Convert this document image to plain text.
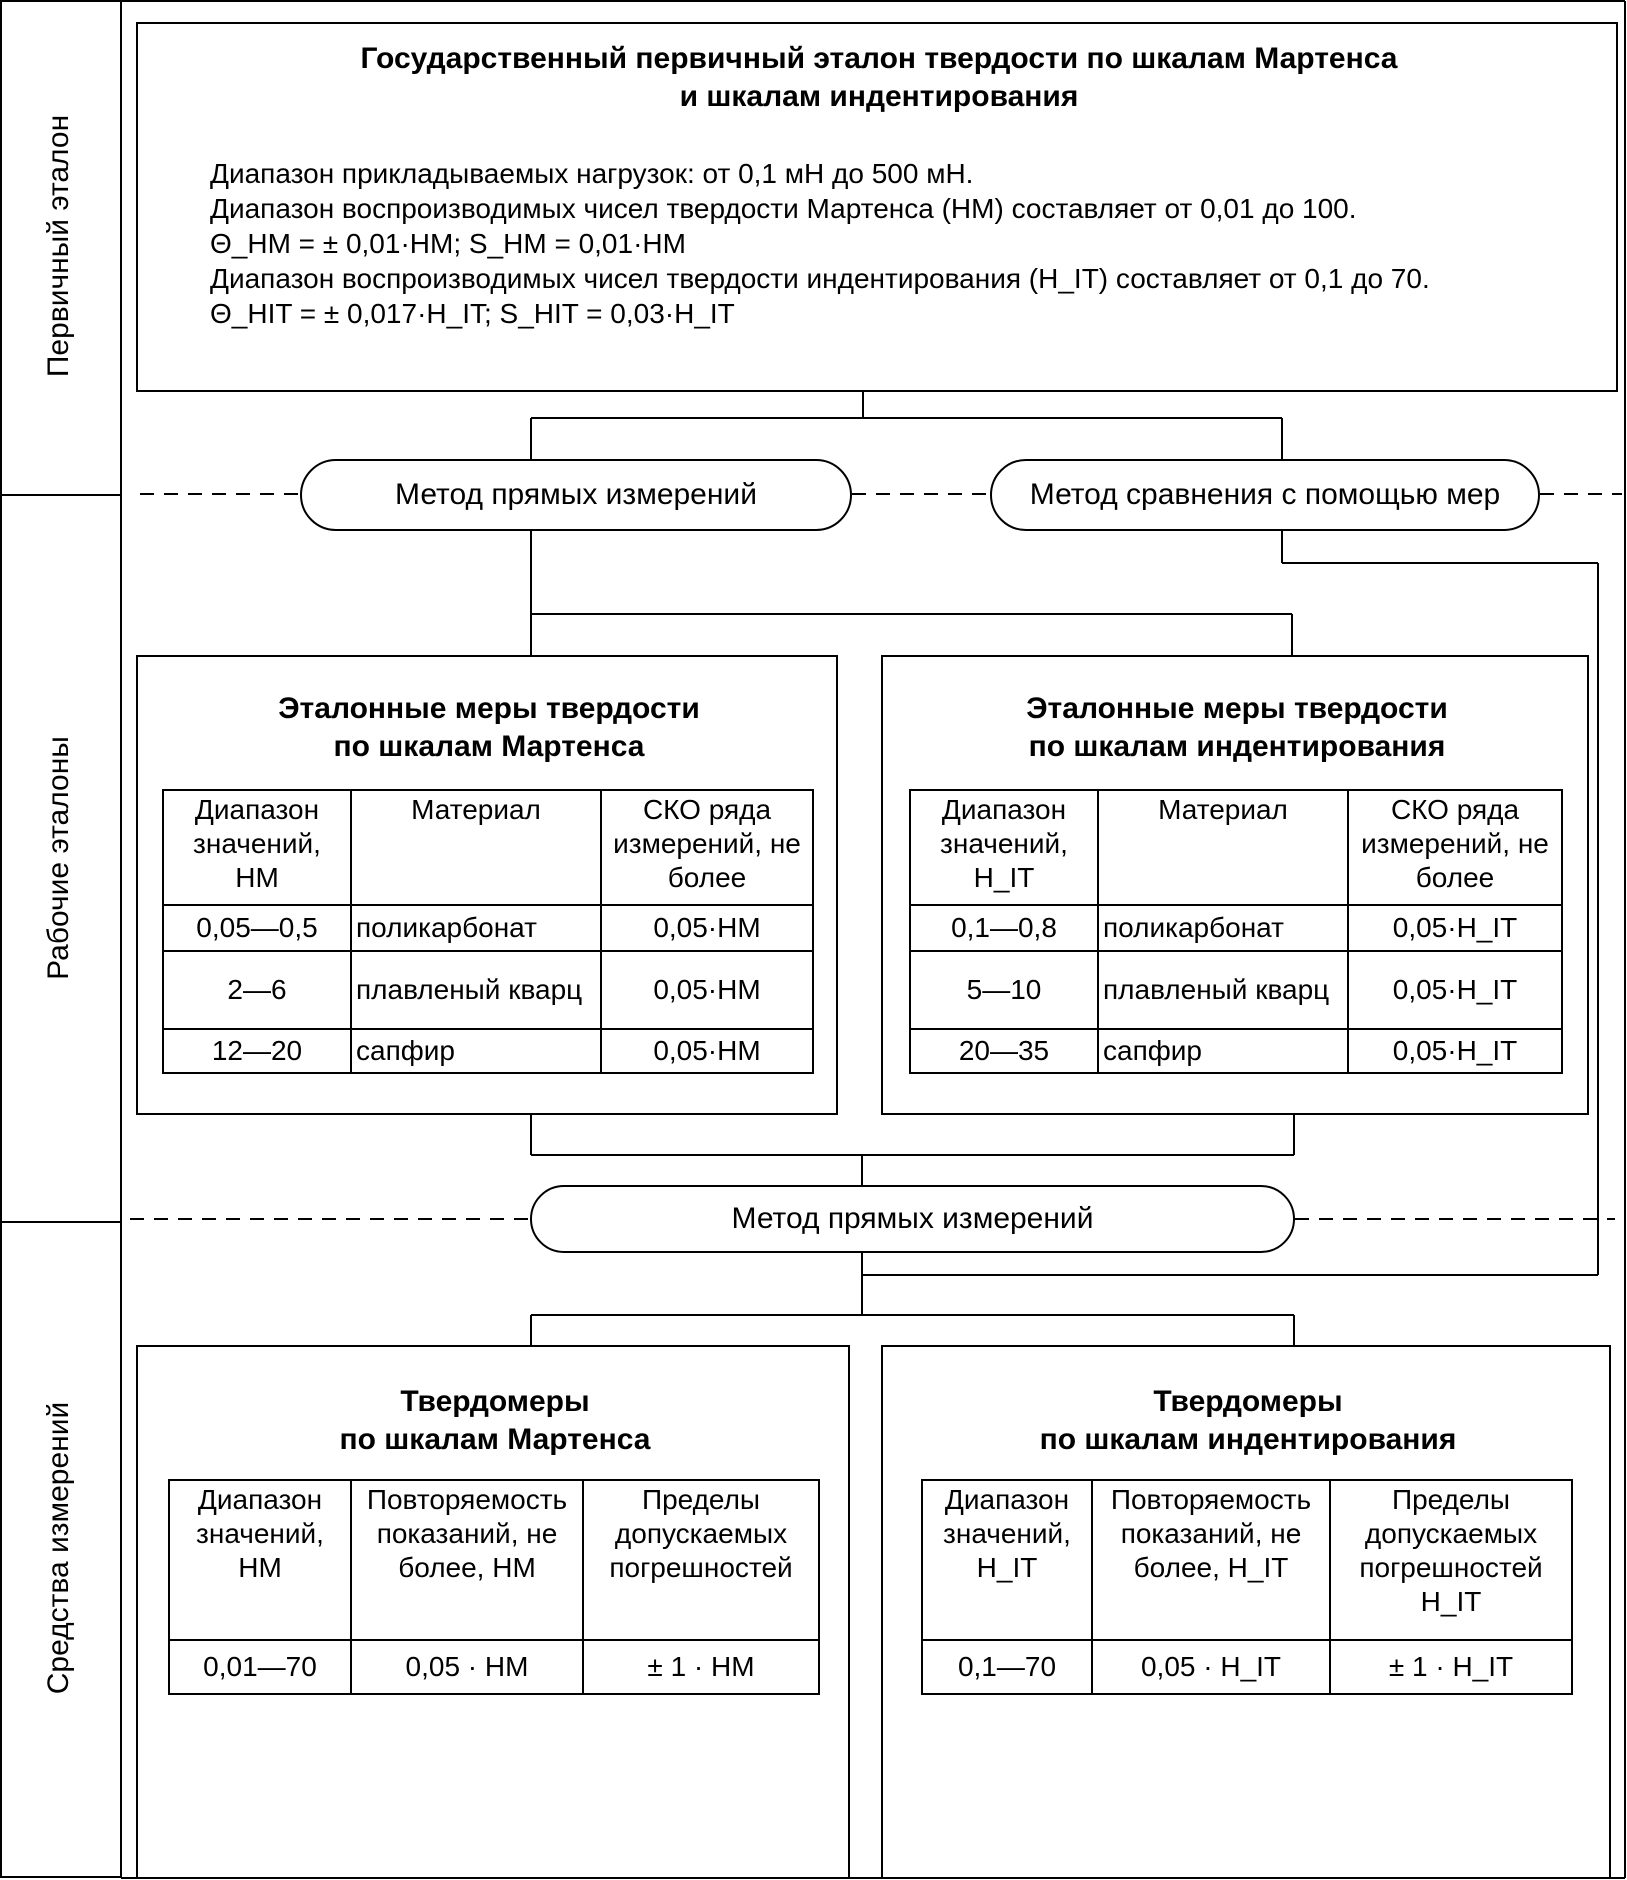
Первичный эталон
Рабочие эталоны
Средства измерений
Государственный первичный эталон твердости по шкалам Мартенса
и шкалам индентирования

Диапазон прикладываемых нагрузок: от 0,1 мН до 500 мН.

Диапазон воспроизводимых чисел твердости Мартенса (НМ) составляет от 0,01 до 100.

Θ_HM = ± 0,01·HM; S_HM = 0,01·HM

Диапазон воспроизводимых чисел твердости индентирования (H_IT) составляет от 0,1 до 70.

Θ_HIT = ± 0,017·H_IT; S_HIT = 0,03·H_IT

Метод прямых измерений	Метод сравнения с помощью мер
Метод прямых измерений
Эталонные меры твердости
по шкалам Мартенса
Диапазон значений, НМ	Материал	СКО ряда измерений, не более
0,05—0,5	поликарбонат	0,05·НМ
2—6	плавленый кварц	0,05·НМ
12—20	сапфир	0,05·НМ
Эталонные меры твердости
по шкалам индентирования
Диапазон значений, H_IT	Материал	СКО ряда измерений, не более
0,1—0,8	поликарбонат	0,05·H_IT
5—10	плавленый кварц	0,05·H_IT
20—35	сапфир	0,05·H_IT
Твердомеры
по шкалам Мартенса
Диапазон значений, НМ	Повторяемость показаний, не более, НМ	Пределы допускаемых погрешностей
0,01—70	0,05 · НМ	± 1 · НМ
Твердомеры
по шкалам индентирования
Диапазон значений, H_IT	Повторяемость показаний, не более, H_IT	Пределы допускаемых погрешностей H_IT
0,1—70	0,05 · H_IT	± 1 · H_IT
